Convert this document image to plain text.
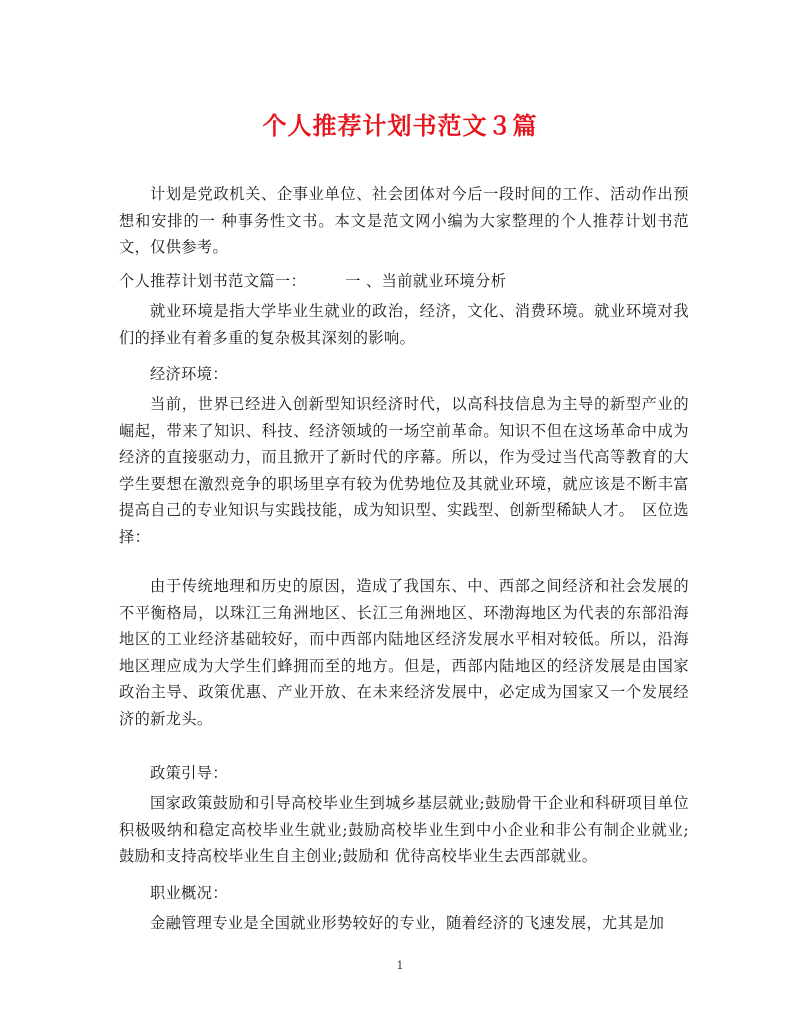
个人推荐计划书范文３篇

计划是党政机关、企事业单位、社会团体对今后一段时间的工作、活动作出预想和安排的一 种事务性文书。本文是范文网小编为大家整理的个人推荐计划书范文，仅供参考。

个人推荐计划书范文篇一：　　　一 、当前就业环境分析

就业环境是指大学毕业生就业的政治，经济，文化、消费环境。就业环境对我们的择业有着多重的复杂极其深刻的影响。

经济环境：

当前，世界已经进入创新型知识经济时代，以高科技信息为主导的新型产业的崛起，带来了知识、科技、经济领域的一场空前革命。知识不但在这场革命中成为经济的直接驱动力，而且掀开了新时代的序幕。所以，作为受过当代高等教育的大学生要想在激烈竞争的职场里享有较为优势地位及其就业环境，就应该是不断丰富提高自己的专业知识与实践技能，成为知识型、实践型、创新型稀缺人才。　区位选择：

由于传统地理和历史的原因，造成了我国东、中、西部之间经济和社会发展的不平衡格局，以珠江三角洲地区、长江三角洲地区、环渤海地区为代表的东部沿海地区的工业经济基础较好，而中西部内陆地区经济发展水平相对较低。所以，沿海地区理应成为大学生们蜂拥而至的地方。但是，西部内陆地区的经济发展是由国家政治主导、政策优惠、产业开放、在未来经济发展中，必定成为国家又一个发展经济的新龙头。

政策引导：

国家政策鼓励和引导高校毕业生到城乡基层就业;鼓励骨干企业和科研项目单位积极吸纳和稳定高校毕业生就业;鼓励高校毕业生到中小企业和非公有制企业就业;鼓励和支持高校毕业生自主创业;鼓励和 优待高校毕业生去西部就业。

职业概况：

金融管理专业是全国就业形势较好的专业，随着经济的飞速发展，尤其是加

1
